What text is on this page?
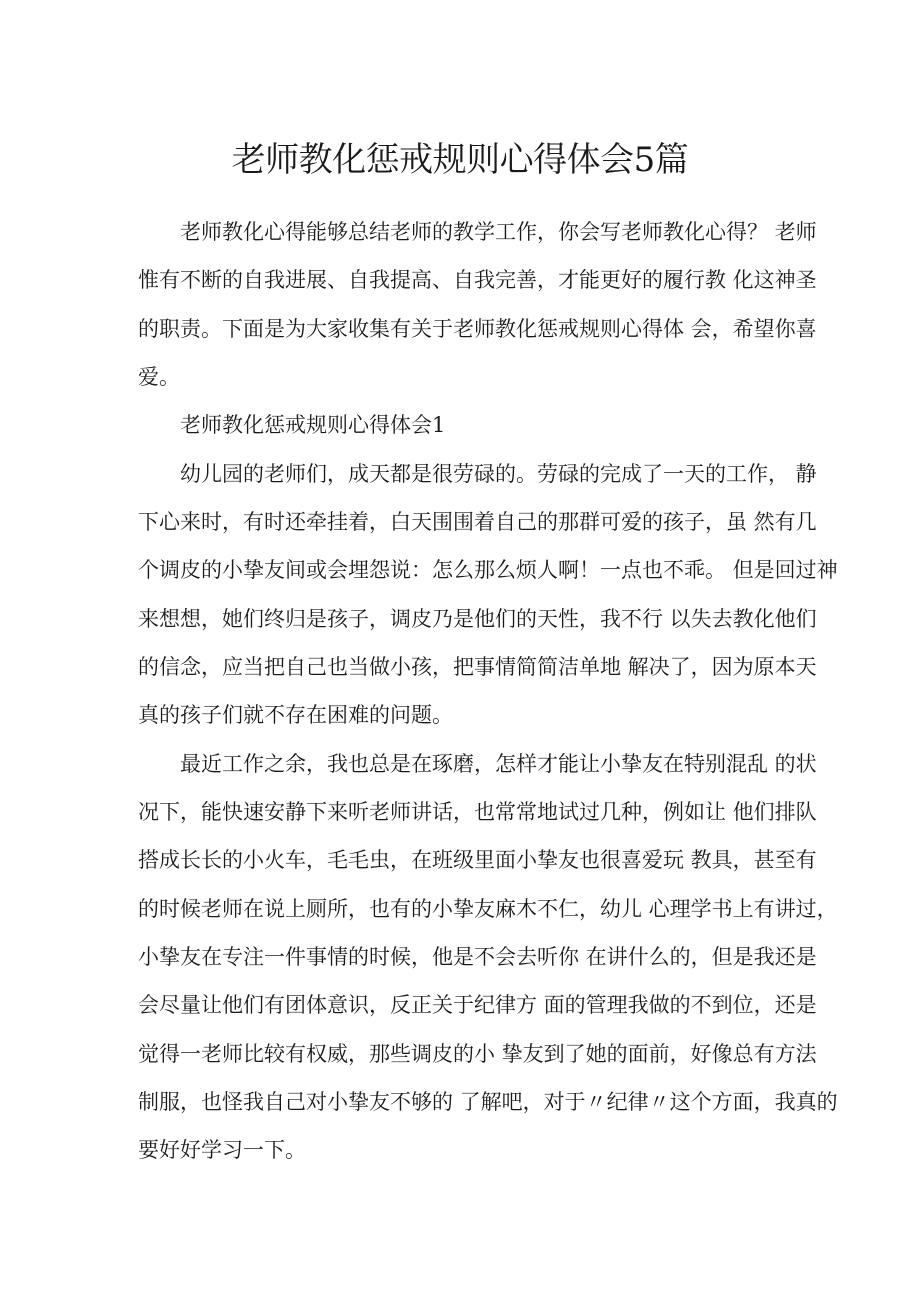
老师教化惩戒规则心得体会5篇
老师教化心得能够总结老师的教学工作，你会写老师教化心得？ 老师
惟有不断的自我进展、自我提高、自我完善，才能更好的履行教 化这神圣
的职责。下面是为大家收集有关于老师教化惩戒规则心得体 会，希望你喜
爱。
老师教化惩戒规则心得体会1
幼儿园的老师们，成天都是很劳碌的。劳碌的完成了一天的工作， 静
下心来时，有时还牵挂着，白天围围着自己的那群可爱的孩子，虽 然有几
个调皮的小挚友间或会埋怨说：怎么那么烦人啊！一点也不乖。 但是回过神
来想想，她们终归是孩子，调皮乃是他们的天性，我不行 以失去教化他们
的信念，应当把自己也当做小孩，把事情简简洁单地 解决了，因为原本天
真的孩子们就不存在困难的问题。
最近工作之余，我也总是在琢磨，怎样才能让小挚友在特别混乱 的状
况下，能快速安静下来听老师讲话，也常常地试过几种，例如让 他们排队
搭成长长的小火车，毛毛虫，在班级里面小挚友也很喜爱玩 教具，甚至有
的时候老师在说上厕所，也有的小挚友麻木不仁，幼儿 心理学书上有讲过，
小挚友在专注一件事情的时候，他是不会去听你 在讲什么的，但是我还是
会尽量让他们有团体意识，反正关于纪律方 面的管理我做的不到位，还是
觉得一老师比较有权威，那些调皮的小 挚友到了她的面前，好像总有方法
制服，也怪我自己对小挚友不够的 了解吧，对于〃纪律〃这个方面，我真的
要好好学习一下。
